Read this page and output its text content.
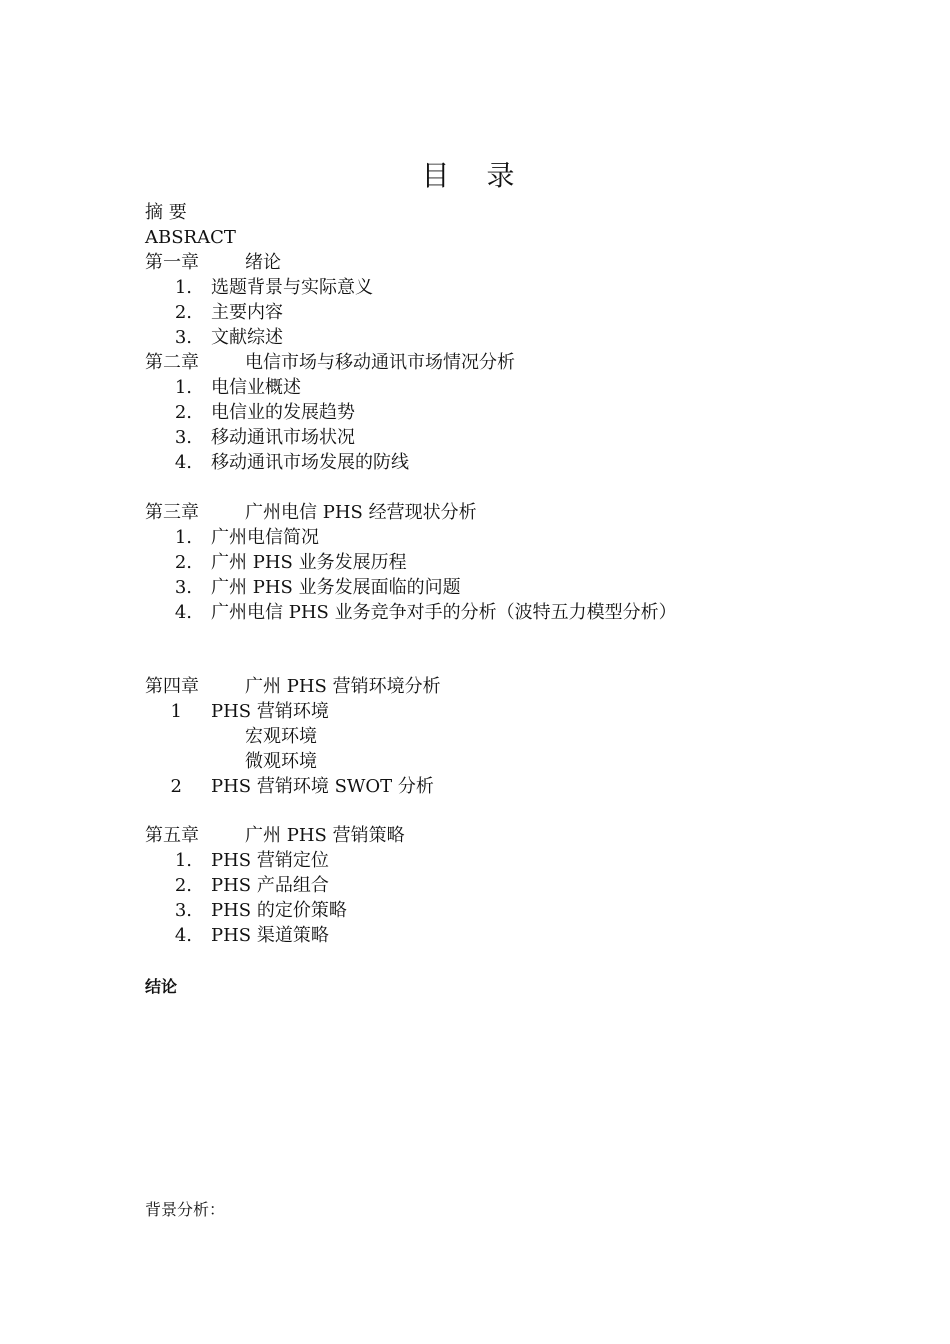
目 录
摘 要
ABSRACT
第一章	绪论
1. 选题背景与实际意义
2. 主要内容
3. 文献综述
第二章	电信市场与移动通讯市场情况分析
1. 电信业概述
2. 电信业的发展趋势
3. 移动通讯市场状况
4. 移动通讯市场发展的防线
第三章	广州电信 PHS 经营现状分析
1. 广州电信简况
2. 广州 PHS 业务发展历程
3. 广州 PHS 业务发展面临的问题
4. 广州电信 PHS 业务竞争对手的分析（波特五力模型分析）
第四章	广州 PHS 营销环境分析
1 PHS 营销环境
宏观环境
微观环境
2 PHS 营销环境 SWOT 分析
第五章	广州 PHS 营销策略
1. PHS 营销定位
2. PHS 产品组合
3. PHS 的定价策略
4. PHS 渠道策略
结论
背景分析：
